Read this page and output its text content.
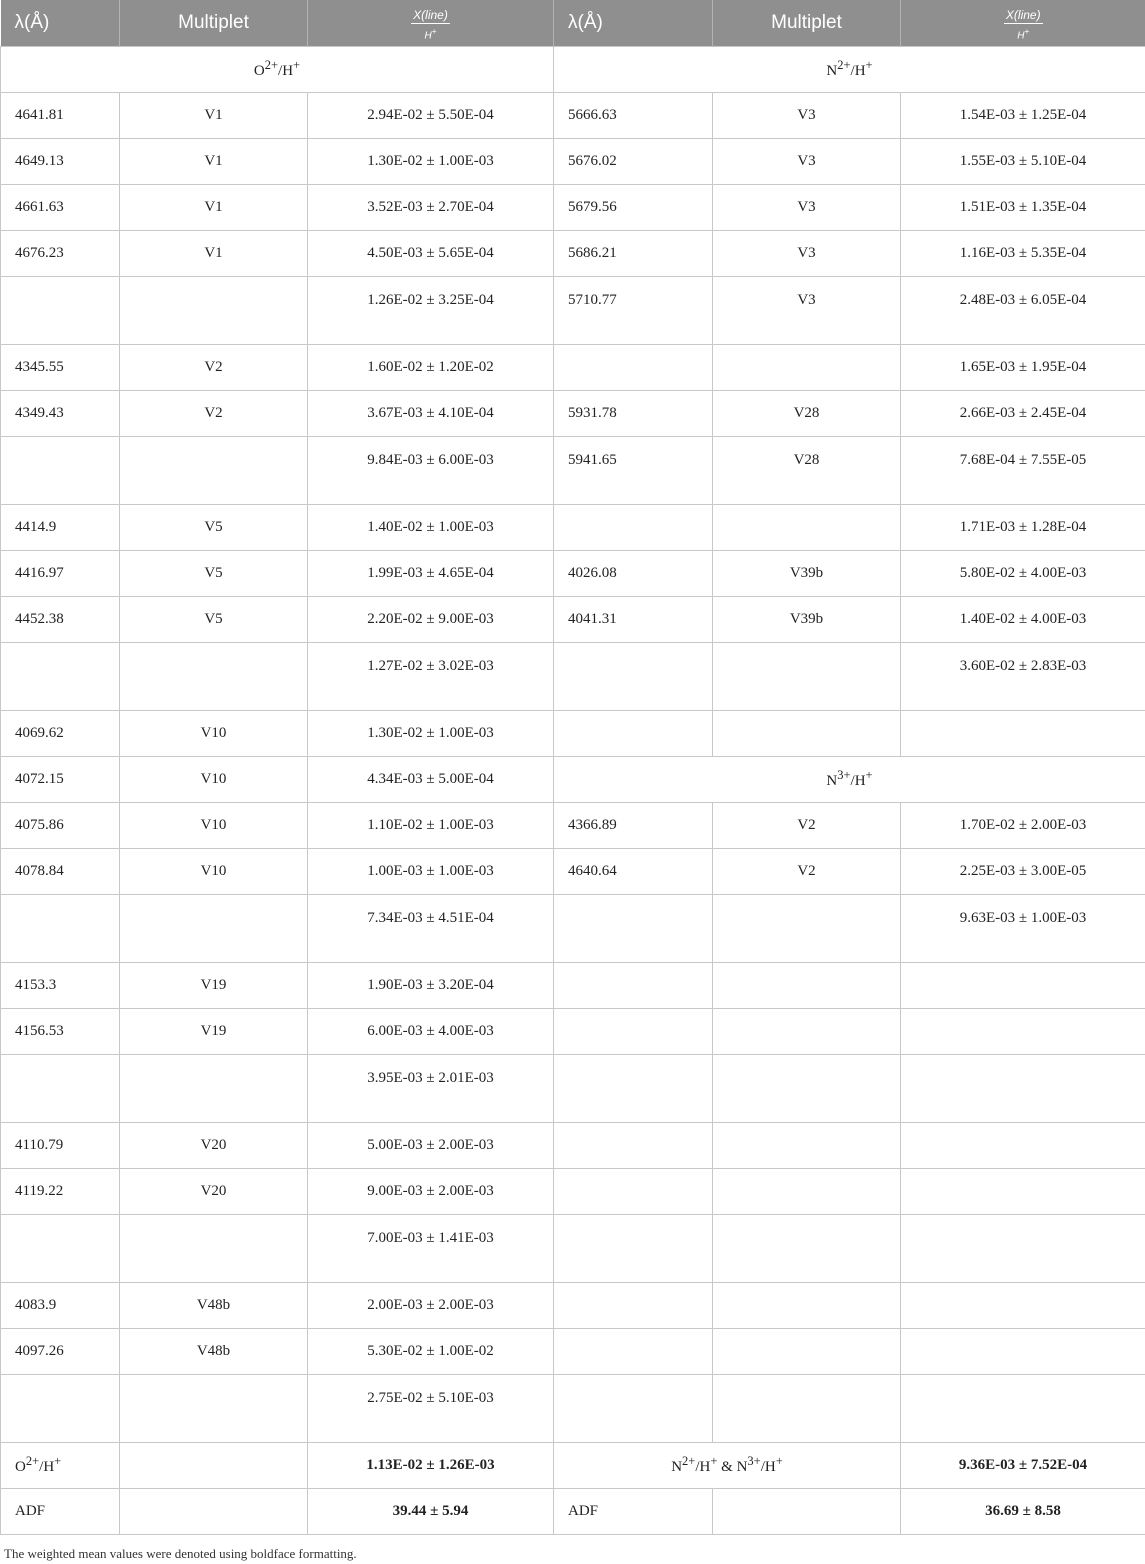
λ(Å)	Multiplet	$\frac{\text{X(line)}}{H^+}$	λ(Å)	Multiplet	$\frac{\text{X(line)}}{H^+}$

$O^{2+}/H^+$			$N^{2+}/H^+$
4641.81	V1	2.94E-02 ± 5.50E-04	5666.63	V3	1.54E-03 ± 1.25E-04
4649.13	V1	1.30E-02 ± 1.00E-03	5676.02	V3	1.55E-03 ± 5.10E-04
4661.63	V1	3.52E-03 ± 2.70E-04	5679.56	V3	1.51E-03 ± 1.35E-04
4676.23	V1	4.50E-03 ± 5.65E-04	5686.21	V3	1.16E-03 ± 5.35E-04
		1.26E-02 ± 3.25E-04	5710.77	V3	2.48E-03 ± 6.05E-04
4345.55	V2	1.60E-02 ± 1.20E-02			1.65E-03 ± 1.95E-04
4349.43	V2	3.67E-03 ± 4.10E-04	5931.78	V28	2.66E-03 ± 2.45E-04
		9.84E-03 ± 6.00E-03	5941.65	V28	7.68E-04 ± 7.55E-05
4414.9	V5	1.40E-02 ± 1.00E-03			1.71E-03 ± 1.28E-04
4416.97	V5	1.99E-03 ± 4.65E-04	4026.08	V39b	5.80E-02 ± 4.00E-03
4452.38	V5	2.20E-02 ± 9.00E-03	4041.31	V39b	1.40E-02 ± 4.00E-03
		1.27E-02 ± 3.02E-03			3.60E-02 ± 2.83E-03
4069.62	V10	1.30E-02 ± 1.00E-03			
4072.15	V10	4.34E-03 ± 5.00E-04	$N^{3+}/H^+$
4075.86	V10	1.10E-02 ± 1.00E-03	4366.89	V2	1.70E-02 ± 2.00E-03
4078.84	V10	1.00E-03 ± 1.00E-03	4640.64	V2	2.25E-03 ± 3.00E-05
		7.34E-03 ± 4.51E-04			9.63E-03 ± 1.00E-03
4153.3	V19	1.90E-03 ± 3.20E-04			
4156.53	V19	6.00E-03 ± 4.00E-03			
		3.95E-03 ± 2.01E-03			
4110.79	V20	5.00E-03 ± 2.00E-03			
4119.22	V20	9.00E-03 ± 2.00E-03			
		7.00E-03 ± 1.41E-03			
4083.9	V48b	2.00E-03 ± 2.00E-03			
4097.26	V48b	5.30E-02 ± 1.00E-02			
		2.75E-02 ± 5.10E-03			
$O^{2+}/H^+$		1.13E-02 ± 1.26E-03	$N^{2+}/H^+$ & $N^{3+}/H^+$		9.36E-03 ± 7.52E-04
ADF		39.44 ± 5.94	ADF		36.69 ± 8.58
The weighted mean values were denoted using boldface formatting.
